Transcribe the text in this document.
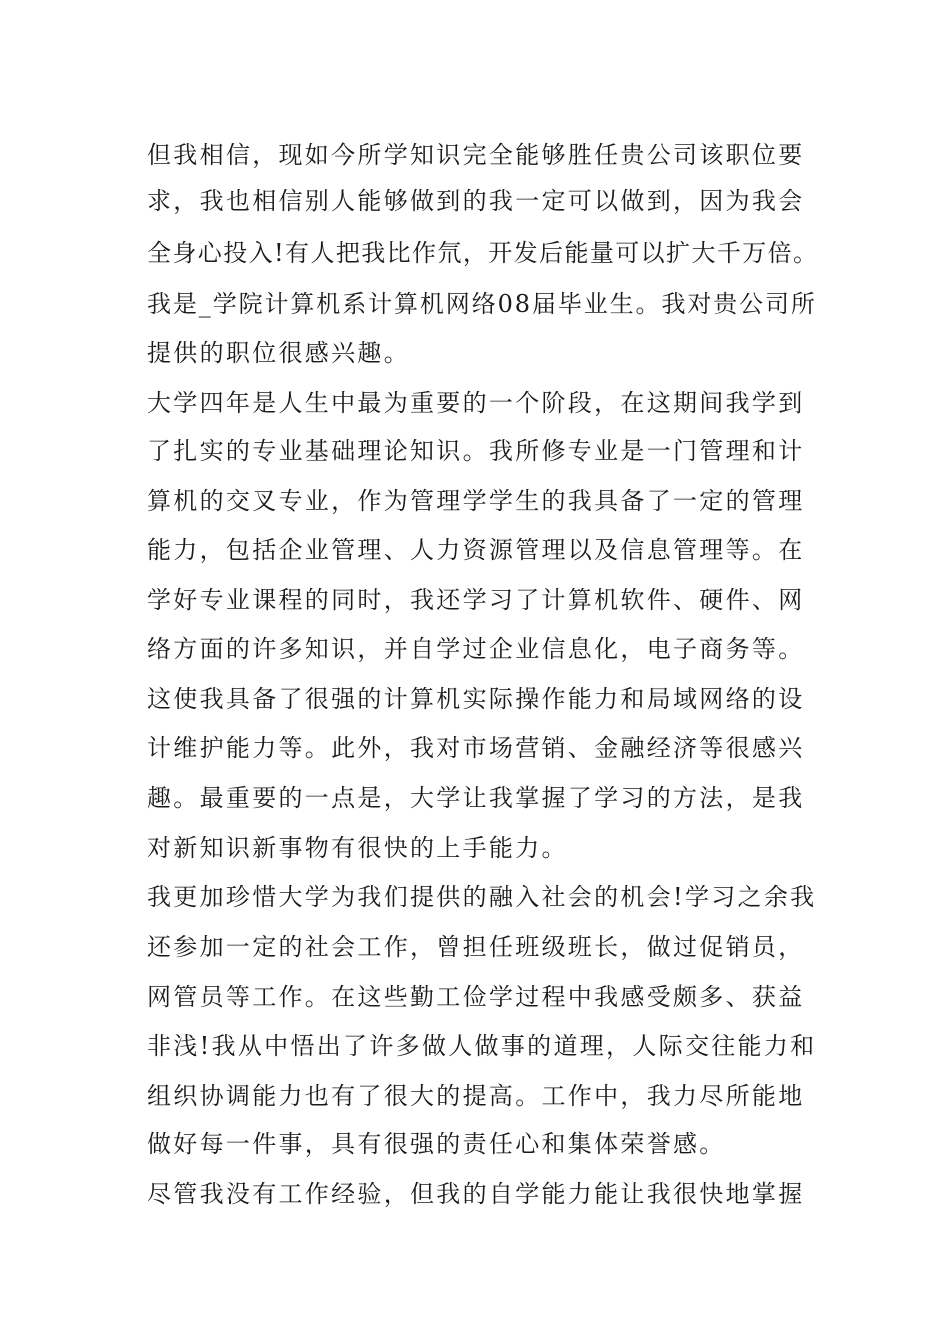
但我相信，现如今所学知识完全能够胜任贵公司该职位要
求，我也相信别人能够做到的我一定可以做到，因为我会
全身心投入!有人把我比作氘，开发后能量可以扩大千万倍。
我是_学院计算机系计算机网络08届毕业生。我对贵公司所
提供的职位很感兴趣。
大学四年是人生中最为重要的一个阶段，在这期间我学到
了扎实的专业基础理论知识。我所修专业是一门管理和计
算机的交叉专业，作为管理学学生的我具备了一定的管理
能力，包括企业管理、人力资源管理以及信息管理等。在
学好专业课程的同时，我还学习了计算机软件、硬件、网
络方面的许多知识，并自学过企业信息化，电子商务等。
这使我具备了很强的计算机实际操作能力和局域网络的设
计维护能力等。此外，我对市场营销、金融经济等很感兴
趣。最重要的一点是，大学让我掌握了学习的方法，是我
对新知识新事物有很快的上手能力。
我更加珍惜大学为我们提供的融入社会的机会!学习之余我
还参加一定的社会工作，曾担任班级班长，做过促销员，
网管员等工作。在这些勤工俭学过程中我感受颇多、获益
非浅!我从中悟出了许多做人做事的道理，人际交往能力和
组织协调能力也有了很大的提高。工作中，我力尽所能地
做好每一件事，具有很强的责任心和集体荣誉感。
尽管我没有工作经验，但我的自学能力能让我很快地掌握
